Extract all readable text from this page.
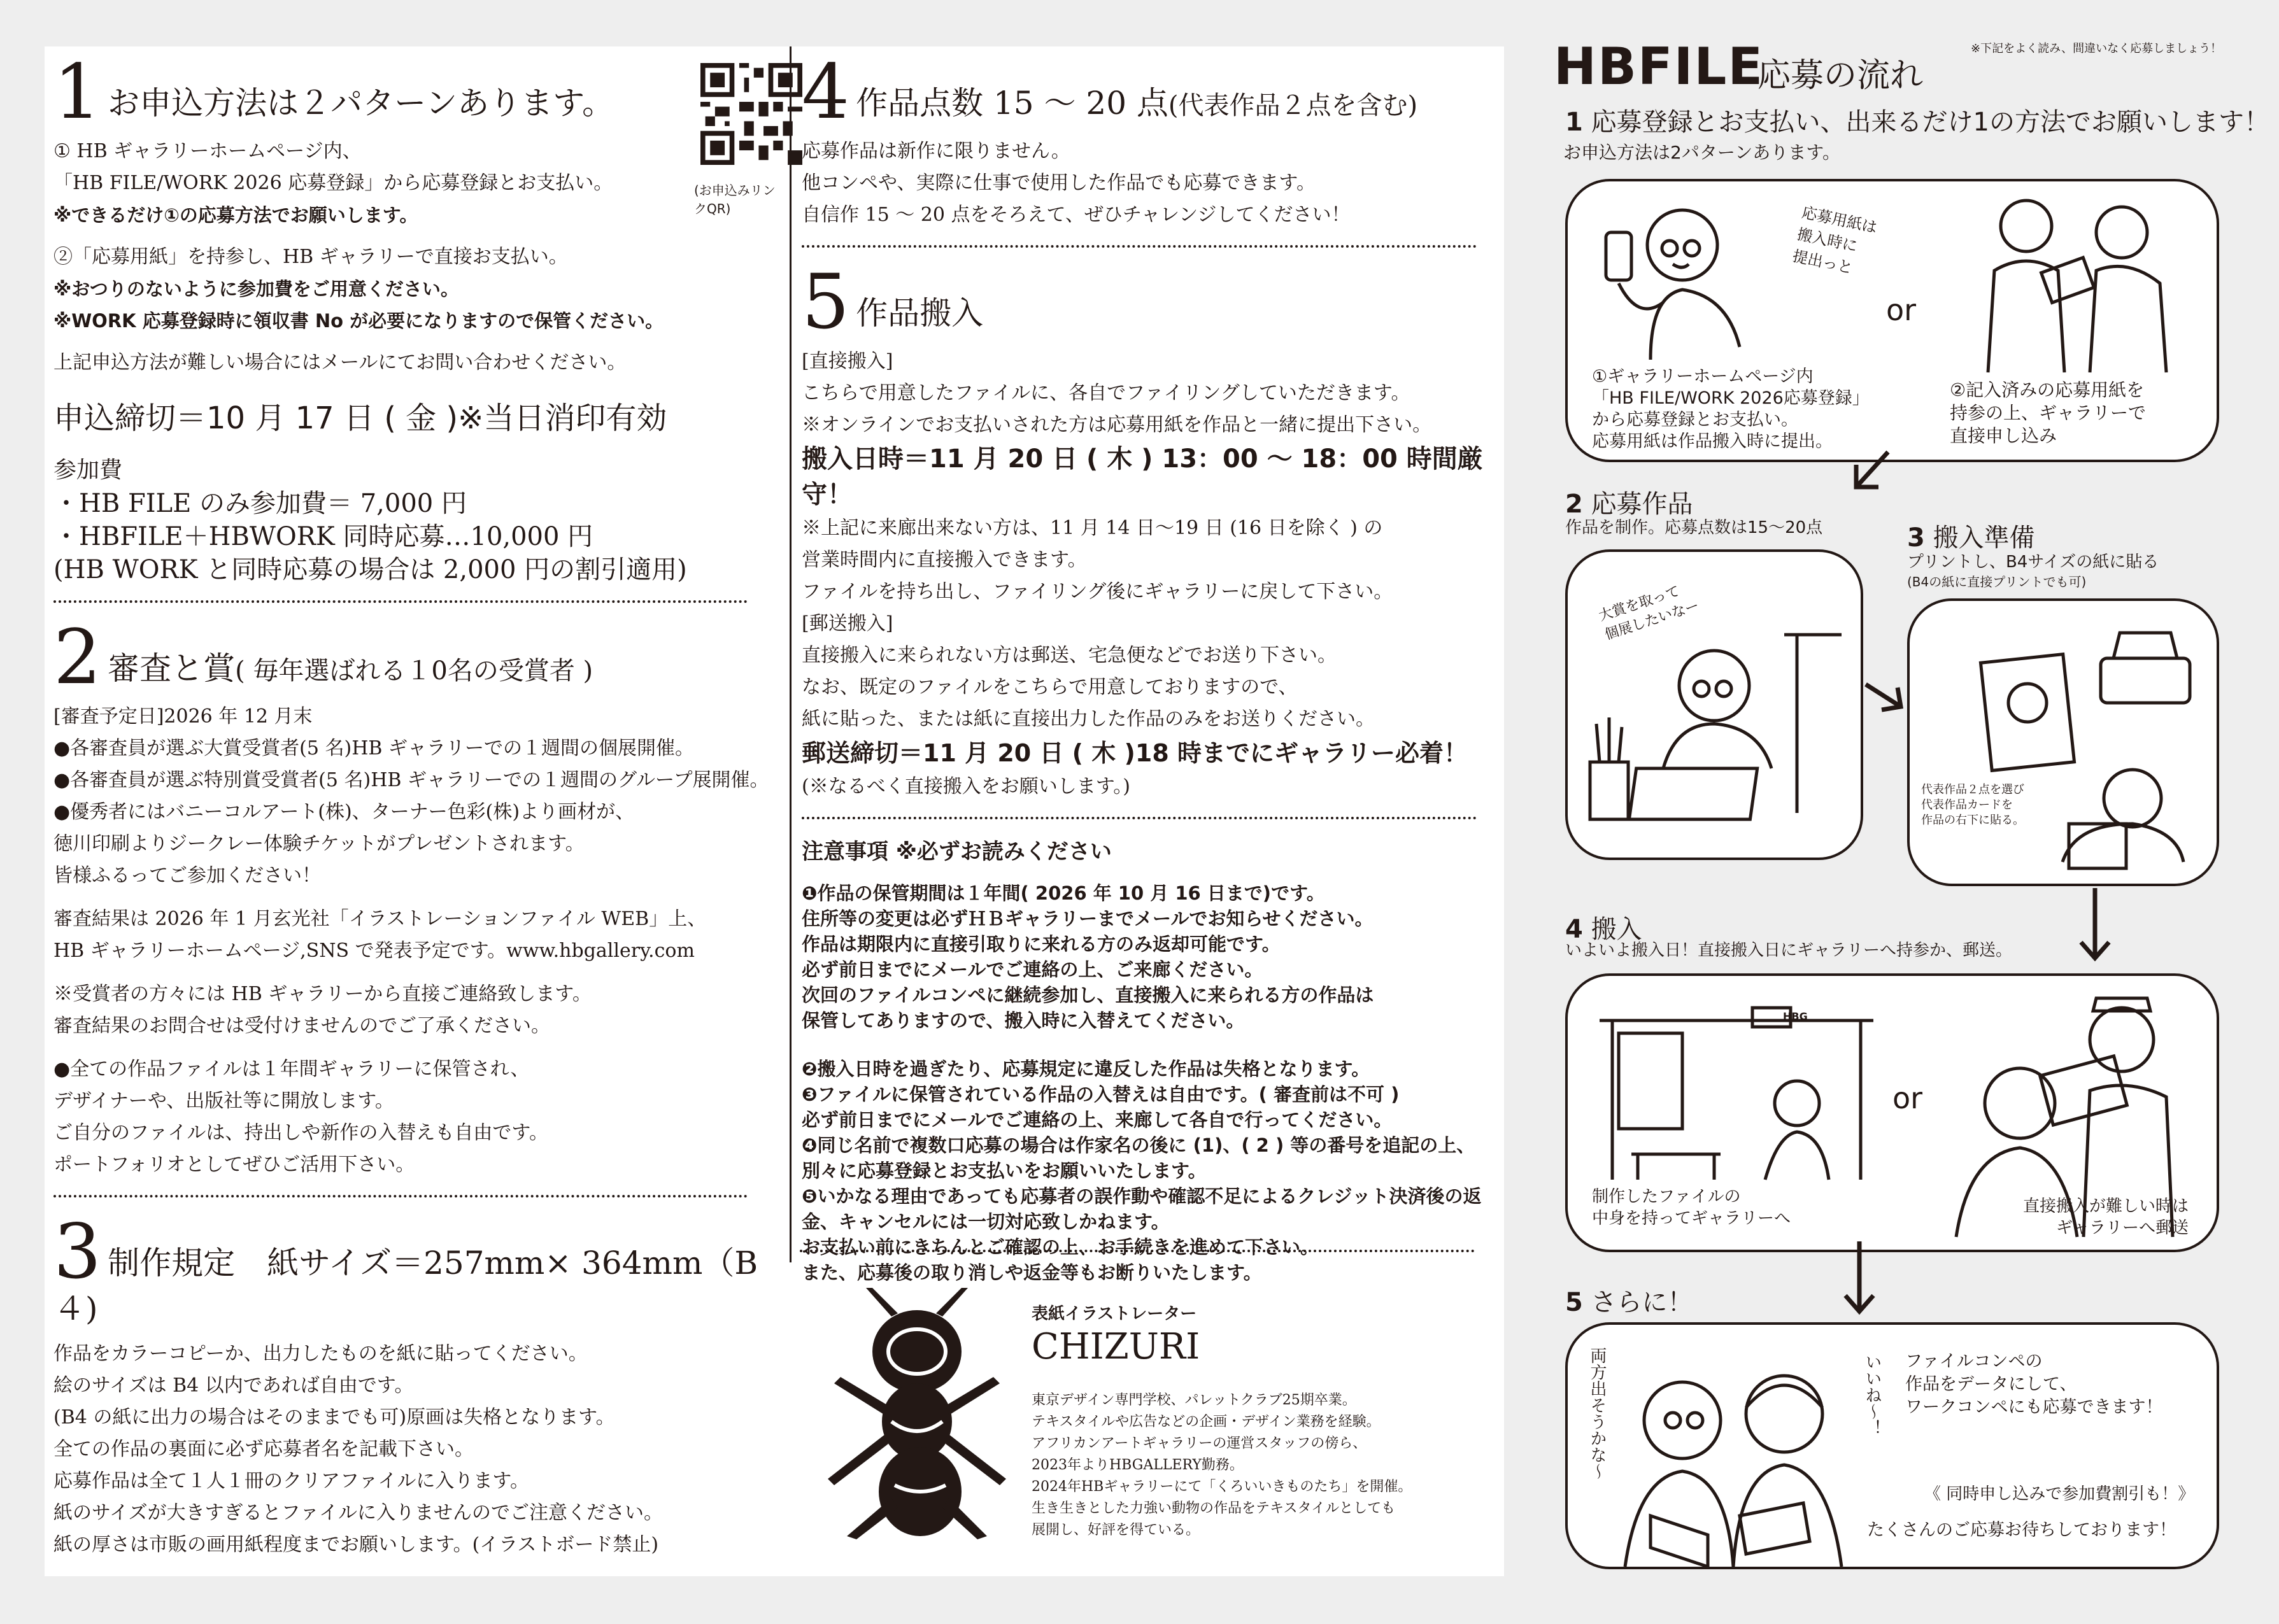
1 お申込方法は２パターンあります。
(お申込みリンクQR)
① HB ギャラリーホームページ内、
「HB FILE/WORK 2026 応募登録」から応募登録とお支払い。
※できるだけ①の応募方法でお願いします。
②「応募用紙」を持参し、HB ギャラリーで直接お支払い。
※おつりのないように参加費をご用意ください。
※WORK 応募登録時に領収書 No が必要になりますので保管ください。
上記申込方法が難しい場合にはメールにてお問い合わせください。
申込締切＝10 月 17 日 ( 金 )※当日消印有効
参加費
・HB FILE のみ参加費＝ 7,000 円
・HBFILE＋HBWORK 同時応募…10,000 円
(HB WORK と同時応募の場合は 2,000 円の割引適用)
2 審査と賞( 毎年選ばれる１0名の受賞者 )
[審査予定日]2026 年 12 月末
●各審査員が選ぶ大賞受賞者(5 名)HB ギャラリーでの１週間の個展開催。
●各審査員が選ぶ特別賞受賞者(5 名)HB ギャラリーでの１週間のグループ展開催。
●優秀者にはバニーコルアート(株)、ターナー色彩(株)より画材が、
徳川印刷よりジークレー体験チケットがプレゼントされます。
皆様ふるってご参加ください！
審査結果は 2026 年 1 月玄光社「イラストレーションファイル WEB」上、
HB ギャラリーホームページ,SNS で発表予定です。www.hbgallery.com
※受賞者の方々には HB ギャラリーから直接ご連絡致します。
審査結果のお問合せは受付けませんのでご了承ください。
●全ての作品ファイルは１年間ギャラリーに保管され、
デザイナーや、出版社等に開放します。
ご自分のファイルは、持出しや新作の入替えも自由です。
ポートフォリオとしてぜひご活用下さい。
3 制作規定　紙サイズ＝257mm× 364mm（B４)
作品をカラーコピーか、出力したものを紙に貼ってください。
絵のサイズは B4 以内であれば自由です。
(B4 の紙に出力の場合はそのままでも可)原画は失格となります。
全ての作品の裏面に必ず応募者名を記載下さい。
応募作品は全て１人１冊のクリアファイルに入ります。
紙のサイズが大きすぎるとファイルに入りませんのでご注意ください。
紙の厚さは市販の画用紙程度までお願いします。(イラストボード禁止)
4 作品点数 15 ～ 20 点(代表作品２点を含む)
応募作品は新作に限りません。
他コンペや、実際に仕事で使用した作品でも応募できます。
自信作 15 ～ 20 点をそろえて、ぜひチャレンジしてください！
5 作品搬入
[直接搬入]
こちらで用意したファイルに、各自でファイリングしていただきます。
※オンラインでお支払いされた方は応募用紙を作品と一緒に提出下さい。
搬入日時＝11 月 20 日 ( 木 ) 13：00 ～ 18：00 時間厳守！
※上記に来廊出来ない方は、11 月 14 日～19 日 (16 日を除く ) の
営業時間内に直接搬入できます。
ファイルを持ち出し、ファイリング後にギャラリーに戻して下さい。
[郵送搬入]
直接搬入に来られない方は郵送、宅急便などでお送り下さい。
なお、既定のファイルをこちらで用意しておりますので、
紙に貼った、または紙に直接出力した作品のみをお送りください。
郵送締切＝11 月 20 日 ( 木 )18 時までにギャラリー必着！
(※なるべく直接搬入をお願いします。)
注意事項 ※必ずお読みください
❶作品の保管期間は１年間( 2026 年 10 月 16 日まで)です。
住所等の変更は必ずＨＢギャラリーまでメールでお知らせください。
作品は期限内に直接引取りに来れる方のみ返却可能です。
必ず前日までにメールでご連絡の上、ご来廊ください。
次回のファイルコンペに継続参加し、直接搬入に来られる方の作品は
保管してありますので、搬入時に入替えてください。
❷搬入日時を過ぎたり、応募規定に違反した作品は失格となります。
❸ファイルに保管されている作品の入替えは自由です。( 審査前は不可 )
必ず前日までにメールでご連絡の上、来廊して各自で行ってください。
❹同じ名前で複数口応募の場合は作家名の後に (1)、( 2 ) 等の番号を追記の上、別々に応募登録とお支払いをお願いいたします。
❺いかなる理由であっても応募者の誤作動や確認不足によるクレジット決済後の返金、キャンセルには一切対応致しかねます。
お支払い前にきちんとご確認の上、お手続きを進めて下さい。
また、応募後の取り消しや返金等もお断りいたします。
表紙イラストレーター
CHIZURI
東京デザイン専門学校、パレットクラブ25期卒業。
テキスタイルや広告などの企画・デザイン業務を経験。
アフリカンアートギャラリーの運営スタッフの傍ら、
2023年よりHBGALLERY勤務。
2024年HBギャラリーにて「くろいいきものたち」を開催。
生き生きとした力強い動物の作品をテキスタイルとしても
展開し、好評を得ている。
HBFILE
応募の流れ
※下記をよく読み、間違いなく応募しましょう！
1 応募登録とお支払い、出来るだけ1の方法でお願いします！
お申込方法は2パターンあります。
応募用紙は
搬入時に
提出っと
or
①ギャラリーホームページ内
「HB FILE/WORK 2026応募登録」
から応募登録とお支払い。
応募用紙は作品搬入時に提出。
②記入済みの応募用紙を
持参の上、ギャラリーで
直接申し込み
2 応募作品
作品を制作。応募点数は15～20点
大賞を取って
個展したいなー
3 搬入準備
プリントし、B4サイズの紙に貼る
(B4の紙に直接プリントでも可)
代表作品２点を選び
代表作品カードを
作品の右下に貼る。
4 搬入
いよいよ搬入日！直接搬入日にギャラリーへ持参か、郵送。
HBG
or
制作したファイルの
中身を持ってギャラリーへ
直接搬入が難しい時は
ギャラリーへ郵送
5 さらに！
両方出そうかな〜	いいね〜！ ファイルコンペの
作品をデータにして、
ワークコンペにも応募できます！
《 同時申し込みで参加費割引も！》
たくさんのご応募お待ちしております！
